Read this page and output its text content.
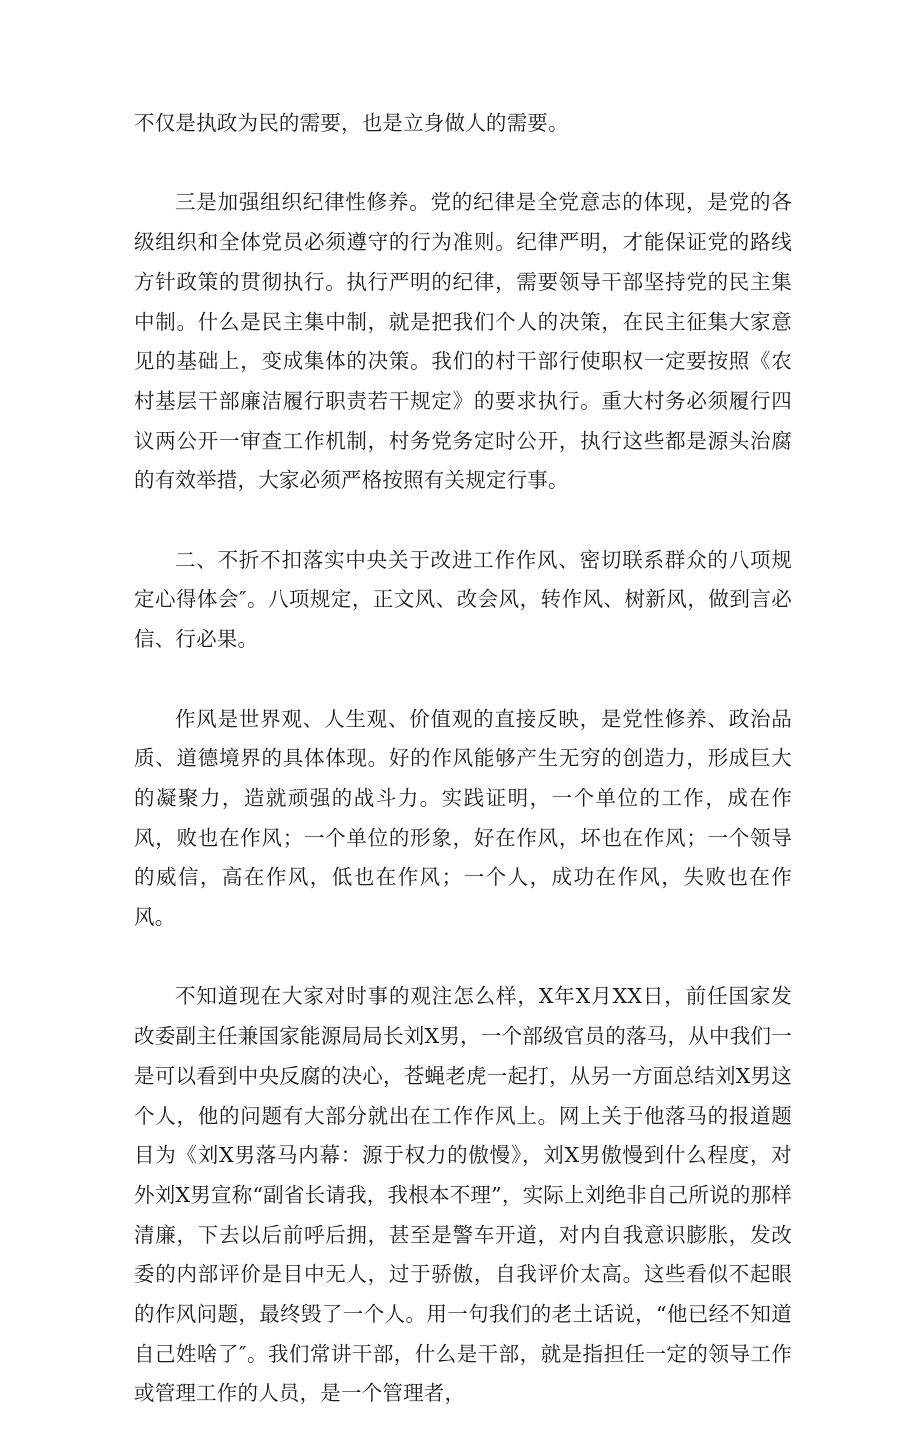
不仅是执政为民的需要，也是立身做人的需要。

三是加强组织纪律性修养。党的纪律是全党意志的体现，是党的各级组织和全体党员必须遵守的行为准则。纪律严明，才能保证党的路线方针政策的贯彻执行。执行严明的纪律，需要领导干部坚持党的民主集中制。什么是民主集中制，就是把我们个人的决策，在民主征集大家意见的基础上，变成集体的决策。我们的村干部行使职权一定要按照《农村基层干部廉洁履行职责若干规定》的要求执行。重大村务必须履行四议两公开一审查工作机制，村务党务定时公开，执行这些都是源头治腐的有效举措，大家必须严格按照有关规定行事。

二、不折不扣落实中央关于改进工作作风、密切联系群众的八项规定心得体会″。八项规定，正文风、改会风，转作风、树新风，做到言必信、行必果。

作风是世界观、人生观、价值观的直接反映，是党性修养、政治品质、道德境界的具体体现。好的作风能够产生无穷的创造力，形成巨大的凝聚力，造就顽强的战斗力。实践证明，一个单位的工作，成在作风，败也在作风；一个单位的形象，好在作风，坏也在作风；一个领导的威信，高在作风，低也在作风；一个人，成功在作风，失败也在作风。

不知道现在大家对时事的观注怎么样，X年X月XX日，前任国家发改委副主任兼国家能源局局长刘X男，一个部级官员的落马，从中我们一是可以看到中央反腐的决心，苍蝇老虎一起打，从另一方面总结刘X男这个人，他的问题有大部分就出在工作作风上。网上关于他落马的报道题目为《刘X男落马内幕：源于权力的傲慢》，刘X男傲慢到什么程度，对外刘X男宣称“副省长请我，我根本不理”，实际上刘绝非自己所说的那样清廉，下去以后前呼后拥，甚至是警车开道，对内自我意识膨胀，发改委的内部评价是目中无人，过于骄傲，自我评价太高。这些看似不起眼的作风问题，最终毁了一个人。用一句我们的老土话说，“他已经不知道自己姓啥了″。我们常讲干部，什么是干部，就是指担任一定的领导工作或管理工作的人员，是一个管理者，
